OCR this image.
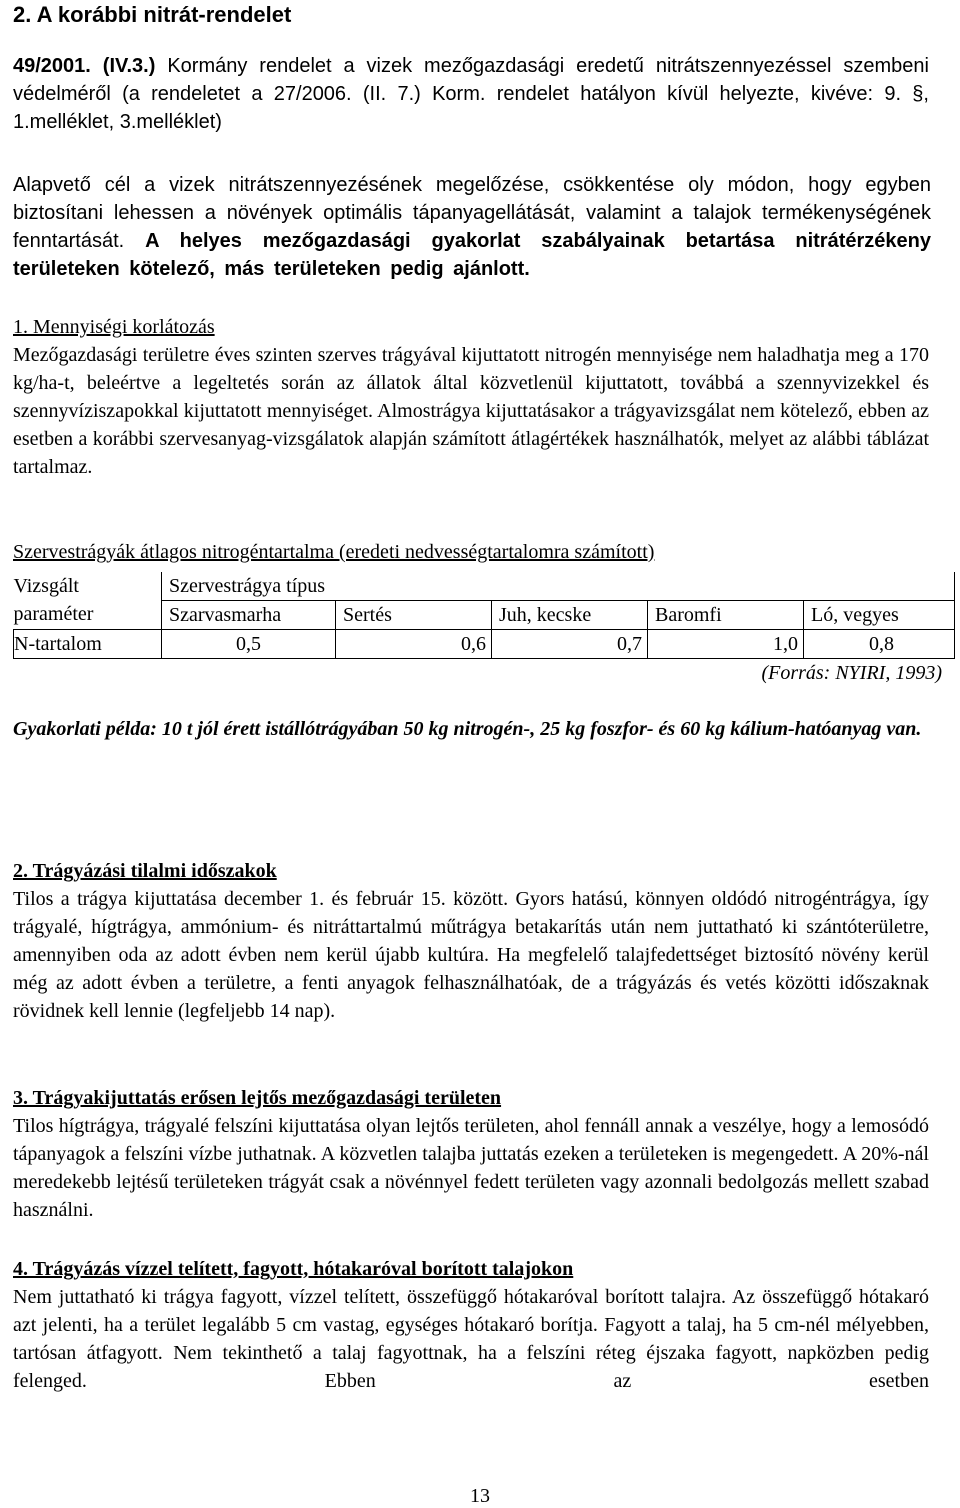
2. A korábbi nitrát-rendelet

49/2001. (IV.3.) Kormány rendelet a vizek mezőgazdasági eredetű nitrátszennyezéssel szembeni védelméről (a rendeletet a 27/2006. (II. 7.) Korm. rendelet hatályon kívül helyezte, kivéve: 9. §, 1.melléklet, 3.melléklet)

Alapvető cél a vizek nitrátszennyezésének megelőzése, csökkentése oly módon, hogy egyben biztosítani lehessen a növények optimális tápanyagellátását, valamint a talajok termékenységének fenntartását. A helyes mezőgazdasági gyakorlat szabályainak betartása nitrátérzékeny területeken kötelező, más területeken pedig ajánlott.

1. Mennyiségi korlátozás

Mezőgazdasági területre éves szinten szerves trágyával kijuttatott nitrogén mennyisége nem haladhatja meg a 170 kg/ha-t, beleértve a legeltetés során az állatok által közvetlenül kijuttatott, továbbá a szennyvizekkel és szennyvíziszapokkal kijuttatott mennyiséget. Almostrágya kijuttatásakor a trágyavizsgálat nem kötelező, ebben az esetben a korábbi szervesanyag-vizsgálatok alapján számított átlagértékek használhatók, melyet az alábbi táblázat tartalmaz.

Szervestrágyák átlagos nitrogéntartalma (eredeti nedvességtartalomra számított)

Vizsgált	Szervestrágya típus				
paraméter	Szarvasmarha	Sertés	Juh, kecske	Baromfi	Ló, vegyes
N-tartalom	0,5	0,6	0,7	1,0	0,8
(Forrás: NYIRI, 1993)

Gyakorlati példa: 10 t jól érett istállótrágyában 50 kg nitrogén-, 25 kg foszfor- és 60 kg kálium-hatóanyag van.

2. Trágyázási tilalmi időszakok

Tilos a trágya kijuttatása december 1. és február 15. között. Gyors hatású, könnyen oldódó nitrogéntrágya, így trágyalé, hígtrágya, ammónium- és nitráttartalmú műtrágya betakarítás után nem juttatható ki szántóterületre, amennyiben oda az adott évben nem kerül újabb kultúra. Ha megfelelő talajfedettséget biztosító növény kerül még az adott évben a területre, a fenti anyagok felhasználhatóak, de a trágyázás és vetés közötti időszaknak rövidnek kell lennie (legfeljebb 14 nap).

3. Trágyakijuttatás erősen lejtős mezőgazdasági területen

Tilos hígtrágya, trágyalé felszíni kijuttatása olyan lejtős területen, ahol fennáll annak a veszélye, hogy a lemosódó tápanyagok a felszíni vízbe juthatnak. A közvetlen talajba juttatás ezeken a területeken is megengedett. A 20%-nál meredekebb lejtésű területeken trágyát csak a növénnyel fedett területen vagy azonnali bedolgozás mellett szabad használni.

4. Trágyázás vízzel telített, fagyott, hótakaróval borított talajokon

Nem juttatható ki trágya fagyott, vízzel telített, összefüggő hótakaróval borított talajra. Az összefüggő hótakaró azt jelenti, ha a terület legalább 5 cm vastag, egységes hótakaró borítja. Fagyott a talaj, ha 5 cm-nél mélyebben, tartósan átfagyott. Nem tekinthető a talaj fagyottnak, ha a felszíni réteg éjszaka fagyott, napközben pedig felenged. Ebben az esetben

13
